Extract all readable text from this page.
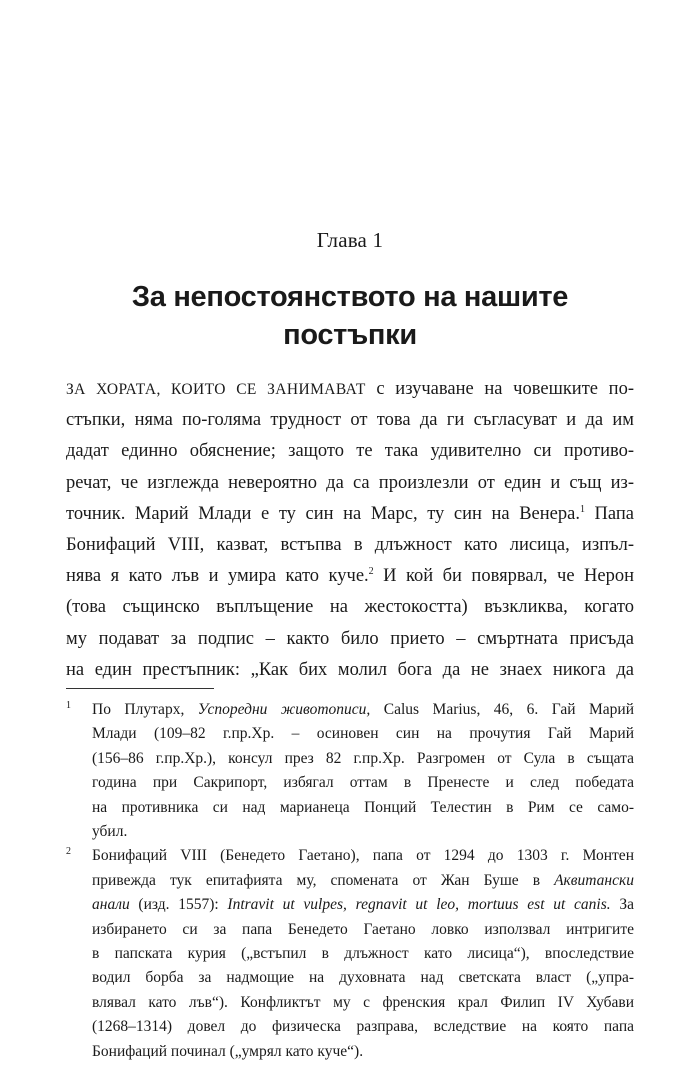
Глава 1
За непостоянството на нашите
постъпки
ЗА ХОРАТА, КОИТО СЕ ЗАНИМАВАТ с изучаване на човешките по-
стъпки, няма по-голяма трудност от това да ги съгласуват и да им
дадат единно обяснение; защото те така удивително си противо-
речат, че изглежда невероятно да са произлезли от един и същ из-
точник. Марий Млади е ту син на Марс, ту син на Венера.$^1$ Папа
Бонифаций VIII, казват, встъпва в длъжност като лисица, изпъл-
нява я като лъв и умира като куче.$^2$ И кой би повярвал, че Нерон
(това същинско въплъщение на жестокостта) възкликва, когато
му подават за подпис – както било прието – смъртната присъда
на един престъпник: „Как бих молил бога да не знаех никога да
1 По Плутарх, Успоредни животописи, Calus Marius, 46, 6. Гай Марий
Млади (109–82 г.пр.Хр. – осиновен син на прочутия Гай Марий
(156–86 г.пр.Хр.), консул през 82 г.пр.Хр. Разгромен от Сула в същата
година при Сакрипорт, избягал оттам в Пренесте и след победата
на противника си над марианеца Понций Телестин в Рим се само-
убил.
2 Бонифаций VIII (Бенедето Гаетано), папа от 1294 до 1303 г. Монтен
привежда тук епитафията му, спомената от Жан Буше в Аквитански
анали (изд. 1557): Intravit ut vulpes, regnavit ut leo, mortuus est ut canis. За
избирането си за папа Бенедето Гаетано ловко използвал интригите
в папската курия („встъпил в длъжност като лисица“), впоследствие
водил борба за надмощие на духовната над светската власт („упра-
влявал като лъв“). Конфликтът му с френския крал Филип IV Хубави
(1268–1314) довел до физическа разправа, вследствие на която папа
Бонифаций починал („умрял като куче“).
